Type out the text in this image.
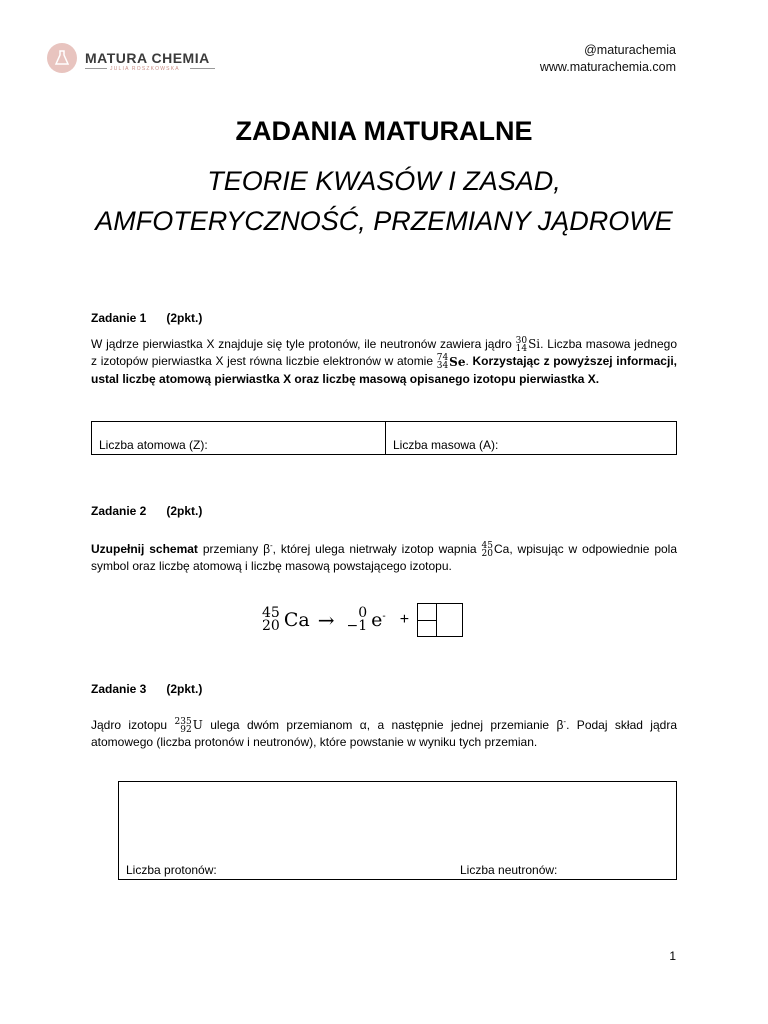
MATURA CHEMIA
JULIA ROSZKOWSKA
@maturachemia
www.maturachemia.com
ZADANIA MATURALNE
TEORIE KWASÓW I ZASAD,
AMFOTERYCZNOŚĆ, PRZEMIANY JĄDROWE
Zadanie 1 (2pkt.)
W jądrze pierwiastka X znajduje się tyle protonów, ile neutronów zawiera jądro 30
14 Si. Liczba masowa jednego z izotopów pierwiastka X jest równa liczbie elektronów w atomie 74
34 Se. Korzystając z powyższej informacji, ustal liczbę atomową pierwiastka X oraz liczbę masową opisanego izotopu pierwiastka X.
Liczba atomowa (Z):	Liczba masowa (A):
Zadanie 2 (2pkt.)
Uzupełnij schemat przemiany β-, której ulega nietrwały izotop wapnia 45
20 Ca, wpisując w odpowiednie pola symbol oraz liczbę atomową i liczbę masową powstającego izotopu.
45
20 Ca →	0
−1 e- +
Zadanie 3 (2pkt.)
Jądro izotopu 235
92 U ulega dwóm przemianom α, a następnie jednej przemianie β-. Podaj skład jądra atomowego (liczba protonów i neutronów), które powstanie w wyniku tych przemian.
Liczba protonów:	Liczba neutronów:
1
